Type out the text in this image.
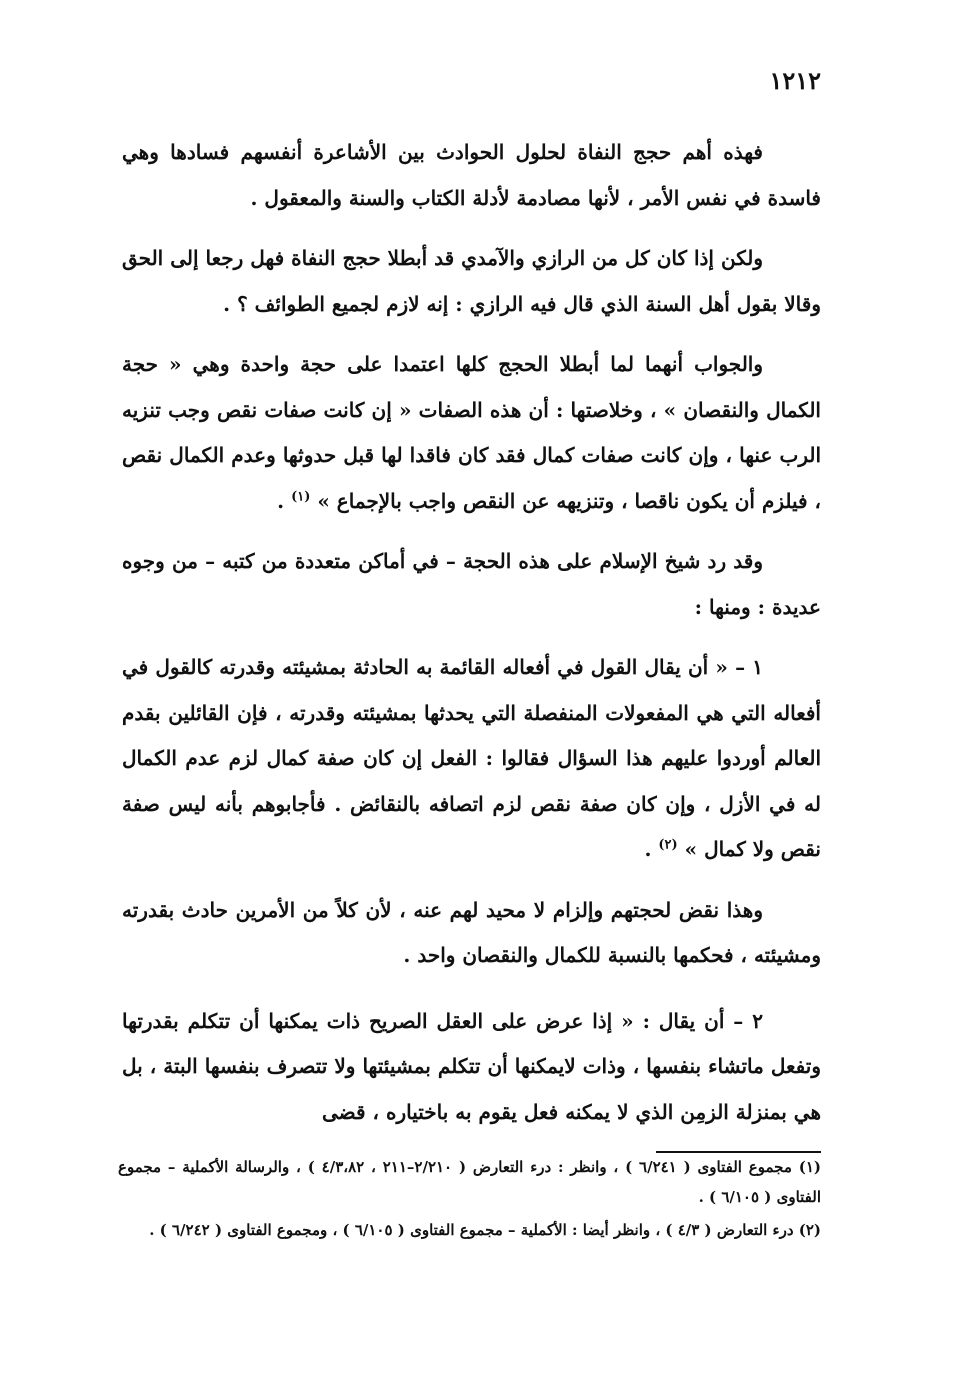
١٢١٢

فهذه أهم حجج النفاة لحلول الحوادث بين الأشاعرة أنفسهم فسادها وهي فاسدة في نفس الأمر ، لأنها مصادمة لأدلة الكتاب والسنة والمعقول .

ولكن إذا كان كل من الرازي والآمدي قد أبطلا حجج النفاة فهل رجعا إلى الحق وقالا بقول أهل السنة الذي قال فيه الرازي : إنه لازم لجميع الطوائف ؟ .

والجواب أنهما لما أبطلا الحجج كلها اعتمدا على حجة واحدة وهي « حجة الكمال والنقصان » ، وخلاصتها : أن هذه الصفات « إن كانت صفات نقص وجب تنزيه الرب عنها ، وإن كانت صفات كمال فقد كان فاقدا لها قبل حدوثها وعدم الكمال نقص ، فيلزم أن يكون ناقصا ، وتنزيهه عن النقص واجب بالإجماع » $^{(١)}$ .

وقد رد شيخ الإسلام على هذه الحجة – في أماكن متعددة من كتبه – من وجوه عديدة : ومنها :

١ – « أن يقال القول في أفعاله القائمة به الحادثة بمشيئته وقدرته كالقول في أفعاله التي هي المفعولات المنفصلة التي يحدثها بمشيئته وقدرته ، فإن القائلين بقدم العالم أوردوا عليهم هذا السؤال فقالوا : الفعل إن كان صفة كمال لزم عدم الكمال له في الأزل ، وإن كان صفة نقص لزم اتصافه بالنقائض . فأجابوهم بأنه ليس صفة نقص ولا كمال » $^{(٢)}$ .

وهذا نقض لحجتهم وإلزام لا محيد لهم عنه ، لأن كلاً من الأمرين حادث بقدرته ومشيئته ، فحكمها بالنسبة للكمال والنقصان واحد .

٢ – أن يقال : « إذا عرض على العقل الصريح ذات يمكنها أن تتكلم بقدرتها وتفعل ماتشاء بنفسها ، وذات لايمكنها أن تتكلم بمشيئتها ولا تتصرف بنفسها البتة ، بل هي بمنزلة الزمِن الذي لا يمكنه فعل يقوم به باختياره ، قضى

(١) مجموع الفتاوى ( ٦/٢٤١ ) ، وانظر : درء التعارض ( ٢/٢١٠–٢١١ ، ٤/٣،٨٢ ) ، والرسالة الأكملية – مجموع الفتاوى ( ٦/١٠٥ ) .

(٢) درء التعارض ( ٤/٣ ) ، وانظر أيضا : الأكملية – مجموع الفتاوى ( ٦/١٠٥ ) ، ومجموع الفتاوى ( ٦/٢٤٢ ) .
